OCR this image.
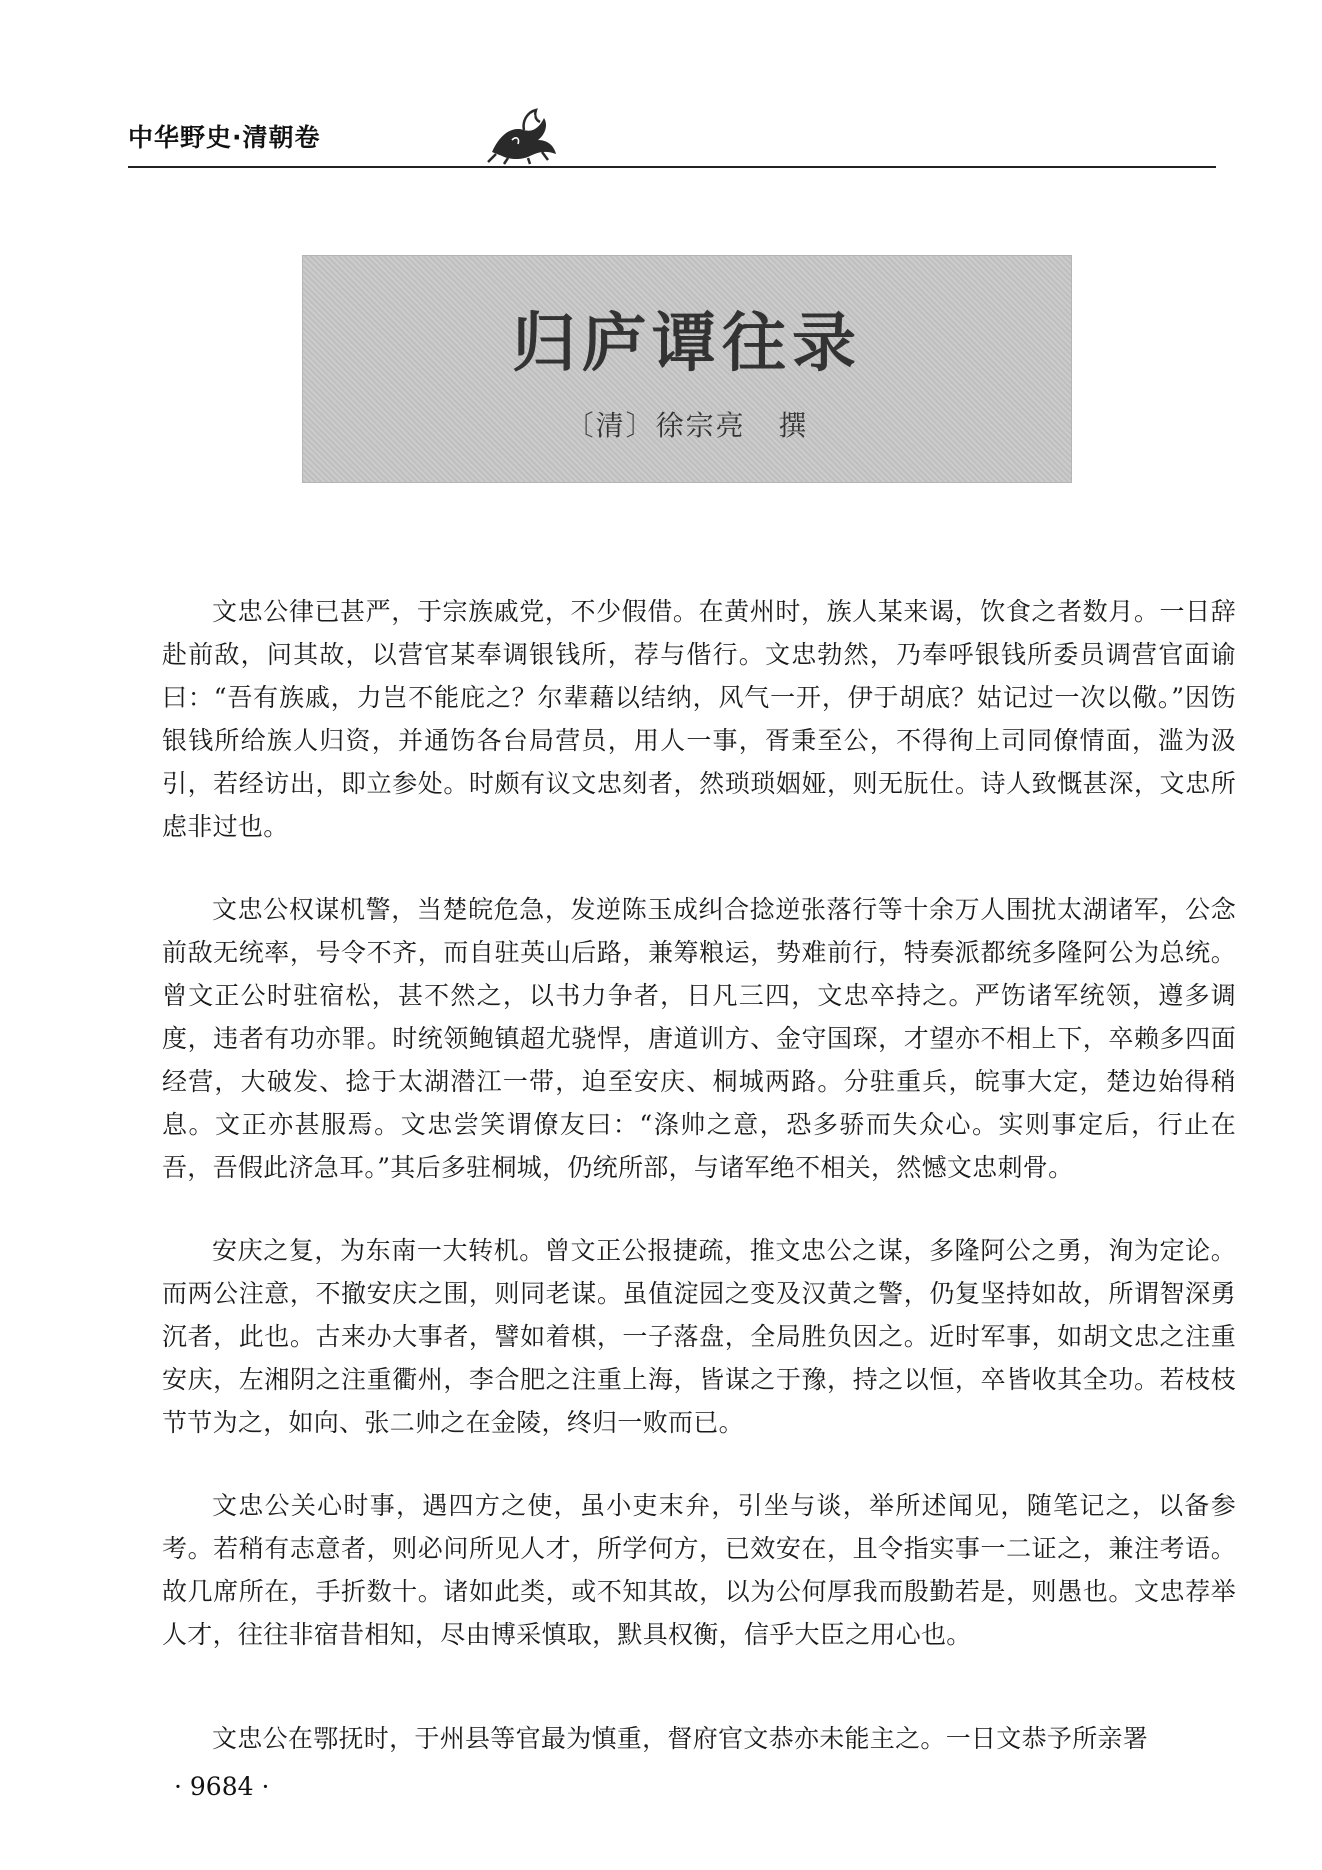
中华野史·清朝卷
归庐谭往录
〔清〕徐宗亮   撰

文忠公律已甚严，于宗族戚党，不少假借。在黄州时，族人某来谒，饮食之者数月。一日辞赴前敌，问其故，以营官某奉调银钱所，荐与偕行。文忠勃然，乃奉呼银钱所委员调营官面谕曰：“吾有族戚，力岂不能庇之？尔辈藉以结纳，风气一开，伊于胡底？姑记过一次以儆。”因饬银钱所给族人归资，并通饬各台局营员，用人一事，胥秉至公，不得徇上司同僚情面，滥为汲引，若经访出，即立参处。时颇有议文忠刻者，然琐琐姻娅，则无朊仕。诗人致慨甚深，文忠所虑非过也。

文忠公权谋机警，当楚皖危急，发逆陈玉成纠合捻逆张落行等十余万人围扰太湖诸军，公念前敌无统率，号令不齐，而自驻英山后路，兼筹粮运，势难前行，特奏派都统多隆阿公为总统。曾文正公时驻宿松，甚不然之，以书力争者，日凡三四，文忠卒持之。严饬诸军统领，遵多调度，违者有功亦罪。时统领鲍镇超尤骁悍，唐道训方、金守国琛，才望亦不相上下，卒赖多四面经营，大破发、捻于太湖潜江一带，迫至安庆、桐城两路。分驻重兵，皖事大定，楚边始得稍息。文正亦甚服焉。文忠尝笑谓僚友曰：“涤帅之意，恐多骄而失众心。实则事定后，行止在吾，吾假此济急耳。”其后多驻桐城，仍统所部，与诸军绝不相关，然憾文忠刺骨。

安庆之复，为东南一大转机。曾文正公报捷疏，推文忠公之谋，多隆阿公之勇，洵为定论。而两公注意，不撤安庆之围，则同老谋。虽值淀园之变及汉黄之警，仍复坚持如故，所谓智深勇沉者，此也。古来办大事者，譬如着棋，一子落盘，全局胜负因之。近时军事，如胡文忠之注重安庆，左湘阴之注重衢州，李合肥之注重上海，皆谋之于豫，持之以恒，卒皆收其全功。若枝枝节节为之，如向、张二帅之在金陵，终归一败而已。

文忠公关心时事，遇四方之使，虽小吏末弁，引坐与谈，举所述闻见，随笔记之，以备参考。若稍有志意者，则必问所见人才，所学何方，已效安在，且令指实事一二证之，兼注考语。故几席所在，手折数十。诸如此类，或不知其故，以为公何厚我而殷勤若是，则愚也。文忠荐举人才，往往非宿昔相知，尽由博采慎取，默具权衡，信乎大臣之用心也。

文忠公在鄂抚时，于州县等官最为慎重，督府官文恭亦未能主之。一日文恭予所亲署
· 9684 ·
